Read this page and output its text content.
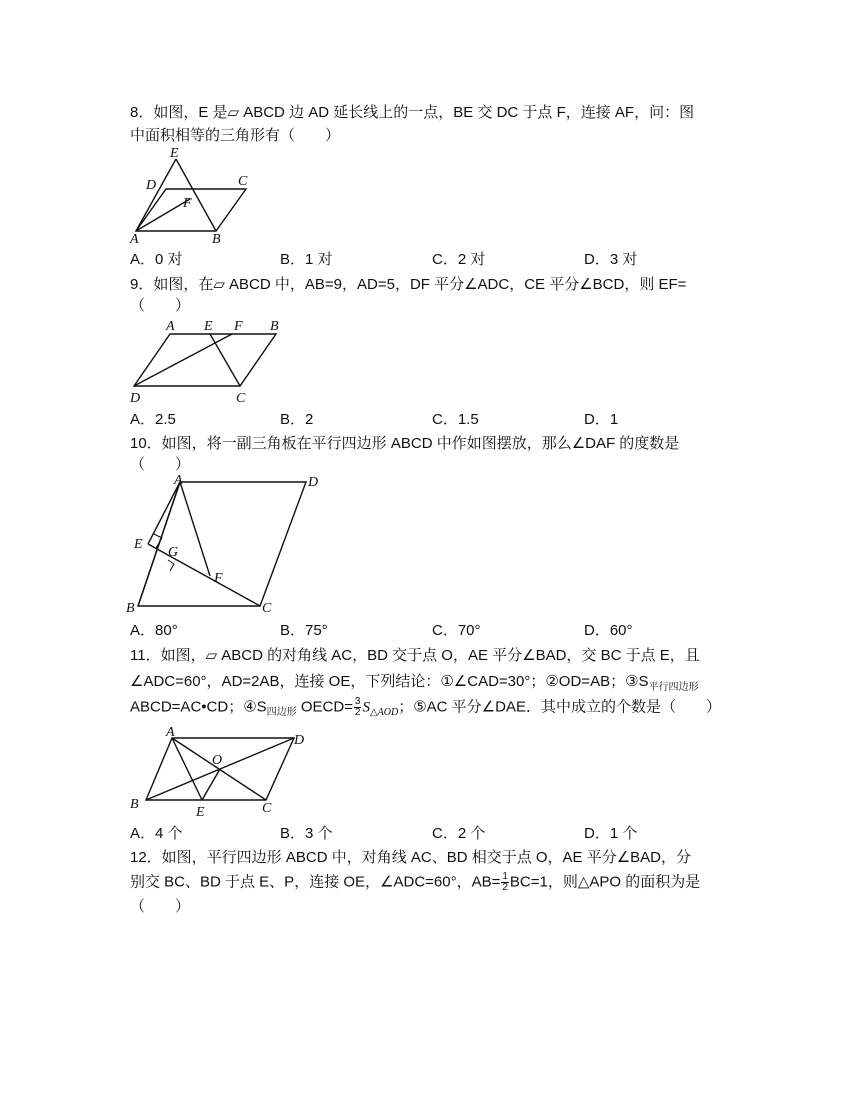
8．如图，E 是▱ ABCD 边 AD 延长线上的一点，BE 交 DC 于点 F，连接 AF，问：图
中面积相等的三角形有（　　）
E
D	C
F
A	B
A．0 对	B．1 对	C．2 对	D．3 对
9．如图，在▱ ABCD 中，AB=9，AD=5，DF 平分∠ADC，CE 平分∠BCD，则 EF=
（　　）
A E F B
D	C
A．2.5	B．2	C．1.5	D．1
10．如图，将一副三角板在平行四边形 ABCD 中作如图摆放，那么∠DAF 的度数是
（　　）
A	D
E
G
F
B	C
A．80°	B．75°	C．70°	D．60°
11．如图，▱ ABCD 的对角线 AC，BD 交于点 O，AE 平分∠BAD，交 BC 于点 E，且
∠ADC=60°，AD=2AB，连接 OE，下列结论：①∠CAD=30°；②OD=AB；$③S_{平行四边形}$
ABCD=AC•CD；$④S_{四边形}$ OECD= $\frac{3}{2} S_{\triangle AOD}$；⑤AC 平分∠DAE．其中成立的个数是（　　）
A
D
O
B
E	C
A．4 个	B．3 个	C．2 个	D．1 个
12．如图，平行四边形 ABCD 中，对角线 AC、BD 相交于点 O，AE 平分∠BAD，分
别交 BC、BD 于点 E、P，连接 OE，∠ADC=60°，$AB= \frac{1}{2} BC=1$，则△APO 的面积为是
（　　）
